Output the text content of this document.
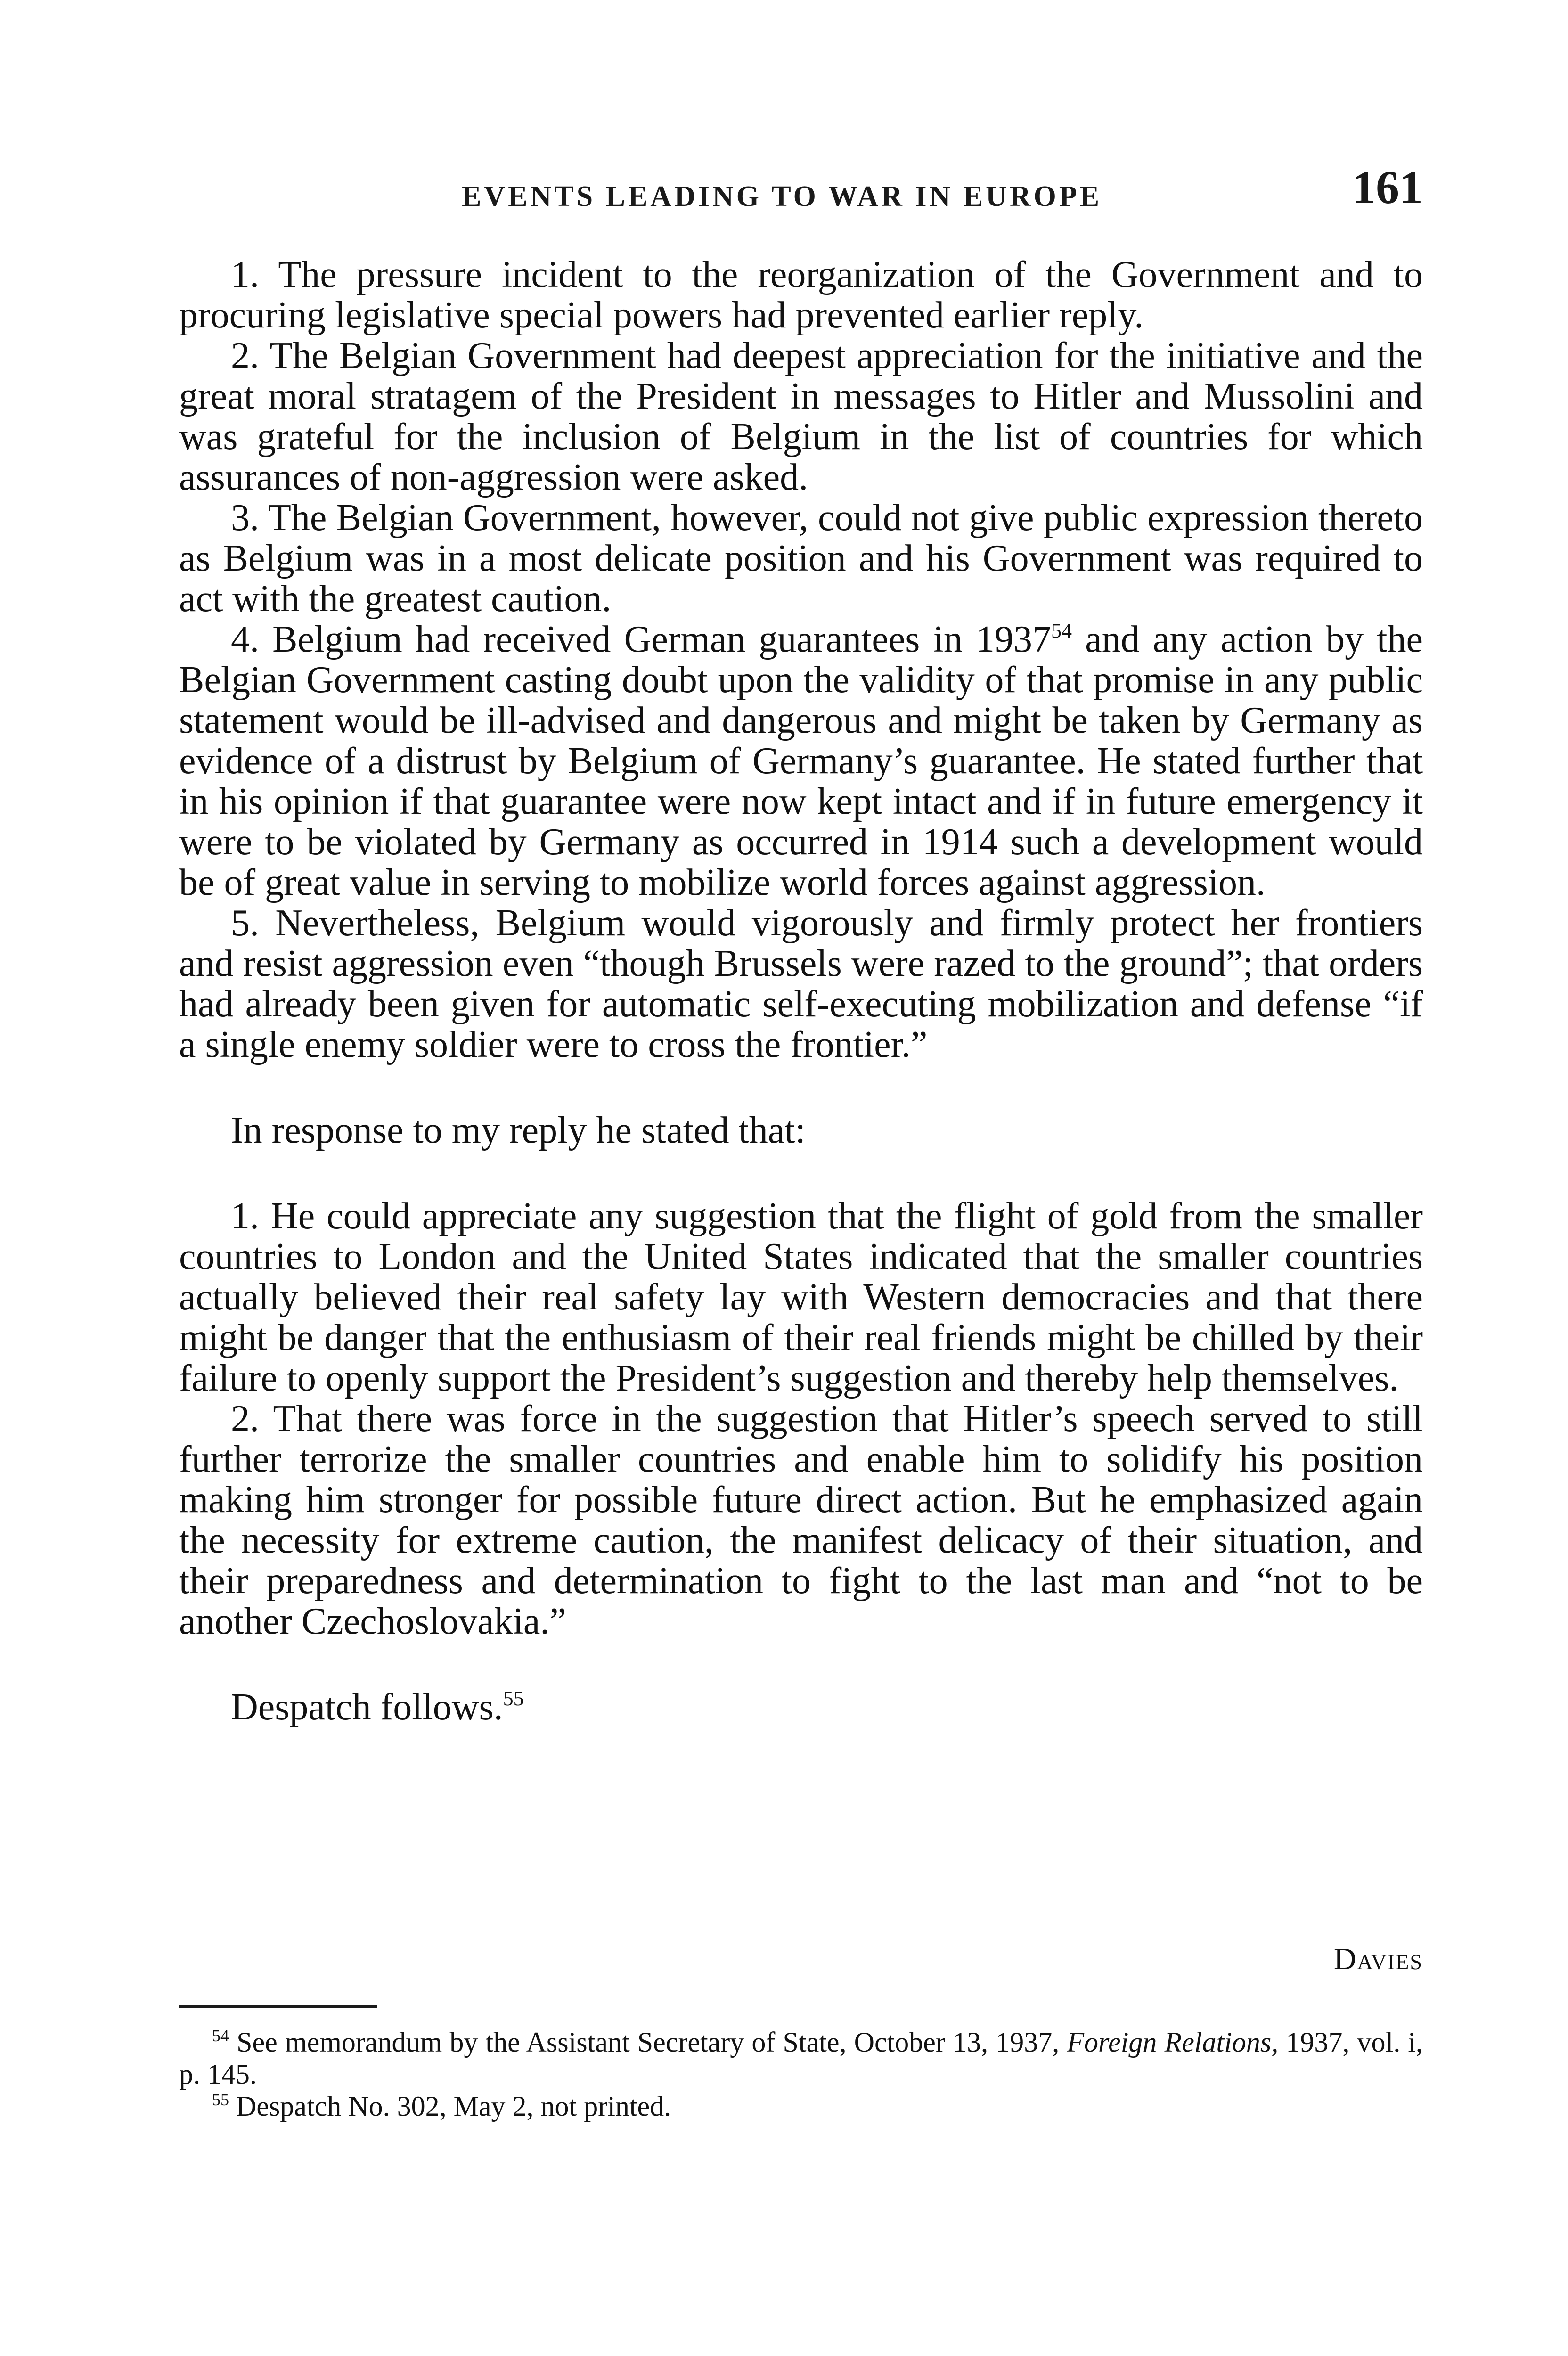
EVENTS LEADING TO WAR IN EUROPE	161

1. The pressure incident to the reorganization of the Government and to procuring legislative special powers had prevented earlier reply.

2. The Belgian Government had deepest appreciation for the initiative and the great moral stratagem of the President in messages to Hitler and Mussolini and was grateful for the inclusion of Belgium in the list of countries for which assurances of non-aggression were asked.

3. The Belgian Government, however, could not give public expression thereto as Belgium was in a most delicate position and his Government was required to act with the greatest caution.

4. Belgium had received German guarantees in 1937$^{54}$ and any action by the Belgian Government casting doubt upon the validity of that promise in any public statement would be ill-advised and dangerous and might be taken by Germany as evidence of a distrust by Belgium of Germany’s guarantee. He stated further that in his opinion if that guarantee were now kept intact and if in future emergency it were to be violated by Germany as occurred in 1914 such a development would be of great value in serving to mobilize world forces against aggression.

5. Nevertheless, Belgium would vigorously and firmly protect her frontiers and resist aggression even “though Brussels were razed to the ground”; that orders had already been given for automatic self-executing mobilization and defense “if a single enemy soldier were to cross the frontier.”

In response to my reply he stated that:

1. He could appreciate any suggestion that the flight of gold from the smaller countries to London and the United States indicated that the smaller countries actually believed their real safety lay with Western democracies and that there might be danger that the enthusiasm of their real friends might be chilled by their failure to openly support the President’s suggestion and thereby help themselves.

2. That there was force in the suggestion that Hitler’s speech served to still further terrorize the smaller countries and enable him to solidify his position making him stronger for possible future direct action. But he emphasized again the necessity for extreme caution, the manifest delicacy of their situation, and their preparedness and determination to fight to the last man and “not to be another Czechoslovakia.”

Despatch follows.$^{55}$

Davies

$^{54}$ See memorandum by the Assistant Secretary of State, October 13, 1937, Foreign Relations, 1937, vol. i, p. 145.

$^{55}$ Despatch No. 302, May 2, not printed.
